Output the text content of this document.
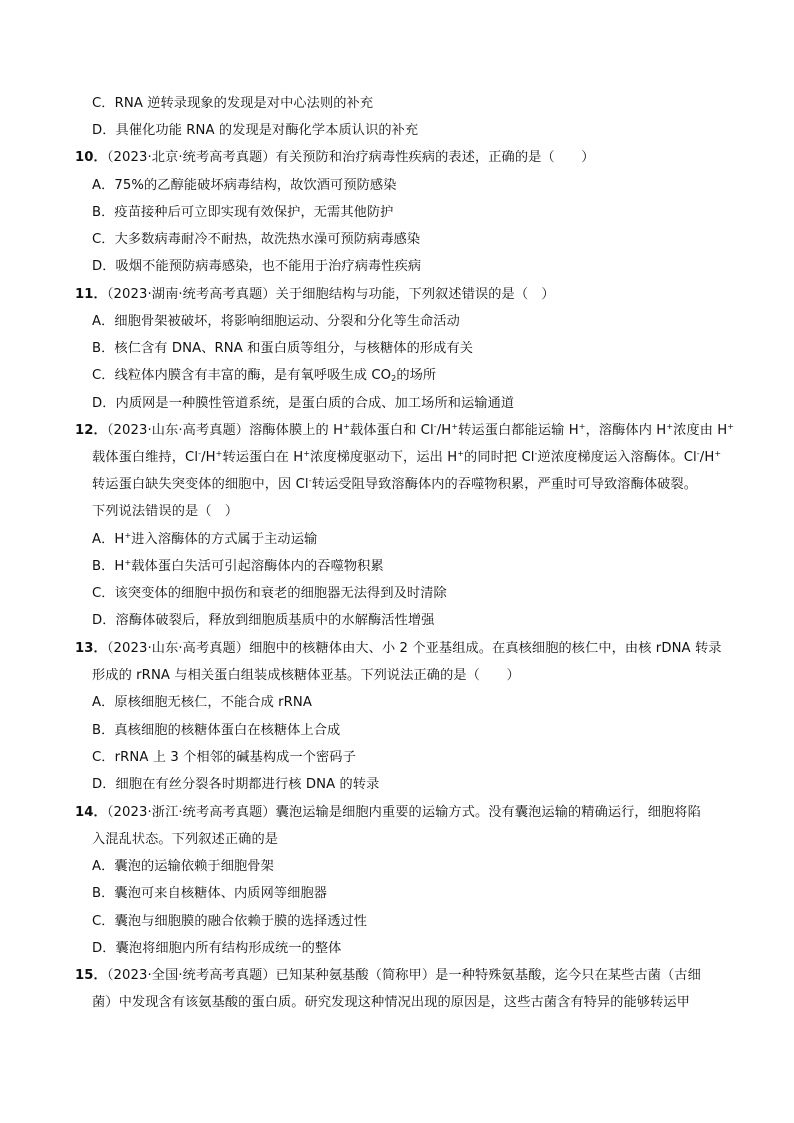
C．RNA 逆转录现象的发现是对中心法则的补充
D．具催化功能 RNA 的发现是对酶化学本质认识的补充
10．（2023·北京·统考高考真题）有关预防和治疗病毒性疾病的表述，正确的是（　　）
A．75%的乙醇能破坏病毒结构，故饮酒可预防感染
B．疫苗接种后可立即实现有效保护，无需其他防护
C．大多数病毒耐冷不耐热，故洗热水澡可预防病毒感染
D．吸烟不能预防病毒感染，也不能用于治疗病毒性疾病
11．（2023·湖南·统考高考真题）关于细胞结构与功能，下列叙述错误的是（　）
A．细胞骨架被破坏，将影响细胞运动、分裂和分化等生命活动
B．核仁含有 DNA、RNA 和蛋白质等组分，与核糖体的形成有关
C．线粒体内膜含有丰富的酶，是有氧呼吸生成 $CO_2$的场所
D．内质网是一种膜性管道系统，是蛋白质的合成、加工场所和运输通道
12．（2023·山东·高考真题）溶酶体膜上的 H+载体蛋白和 Cl-/H+转运蛋白都能运输 H+，溶酶体内 H+浓度由 H+
载体蛋白维持，Cl-/H+转运蛋白在 H+浓度梯度驱动下，运出 H+的同时把 Cl-逆浓度梯度运入溶酶体。Cl-/H+
转运蛋白缺失突变体的细胞中，因 Cl-转运受阻导致溶酶体内的吞噬物积累，严重时可导致溶酶体破裂。
下列说法错误的是（　）
A．H+进入溶酶体的方式属于主动运输
B．H+载体蛋白失活可引起溶酶体内的吞噬物积累
C．该突变体的细胞中损伤和衰老的细胞器无法得到及时清除
D．溶酶体破裂后，释放到细胞质基质中的水解酶活性增强
13．（2023·山东·高考真题）细胞中的核糖体由大、小 2 个亚基组成。在真核细胞的核仁中，由核 rDNA 转录
形成的 rRNA 与相关蛋白组装成核糖体亚基。下列说法正确的是（　　）
A．原核细胞无核仁，不能合成 rRNA
B．真核细胞的核糖体蛋白在核糖体上合成
C．rRNA 上 3 个相邻的碱基构成一个密码子
D．细胞在有丝分裂各时期都进行核 DNA 的转录
14．（2023·浙江·统考高考真题）囊泡运输是细胞内重要的运输方式。没有囊泡运输的精确运行，细胞将陷
入混乱状态。下列叙述正确的是
A．囊泡的运输依赖于细胞骨架
B．囊泡可来自核糖体、内质网等细胞器
C．囊泡与细胞膜的融合依赖于膜的选择透过性
D．囊泡将细胞内所有结构形成统一的整体
15．（2023·全国·统考高考真题）已知某种氨基酸（简称甲）是一种特殊氨基酸，迄今只在某些古菌（古细
菌）中发现含有该氨基酸的蛋白质。研究发现这种情况出现的原因是，这些古菌含有特异的能够转运甲
